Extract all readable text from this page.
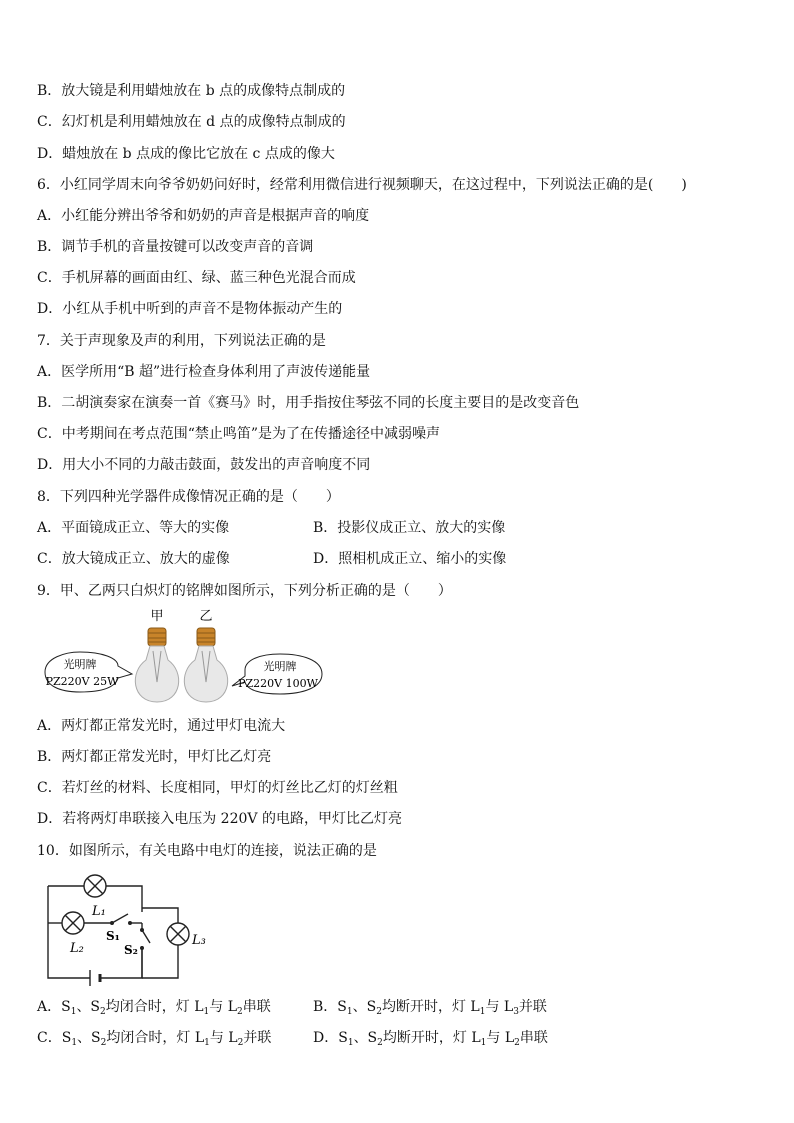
B．放大镜是利用蜡烛放在 b 点的成像特点制成的
C．幻灯机是利用蜡烛放在 d 点的成像特点制成的
D．蜡烛放在 b 点成的像比它放在 c 点成的像大
6．小红同学周末向爷爷奶奶问好时，经常利用微信进行视频聊天，在这过程中，下列说法正确的是(　　)
A．小红能分辨出爷爷和奶奶的声音是根据声音的响度
B．调节手机的音量按键可以改变声音的音调
C．手机屏幕的画面由红、绿、蓝三种色光混合而成
D．小红从手机中听到的声音不是物体振动产生的
7．关于声现象及声的利用，下列说法正确的是
A．医学所用“B 超”进行检查身体利用了声波传递能量
B．二胡演奏家在演奏一首《赛马》时，用手指按住琴弦不同的长度主要目的是改变音色
C．中考期间在考点范围“禁止鸣笛”是为了在传播途径中减弱噪声
D．用大小不同的力敲击鼓面，鼓发出的声音响度不同
8．下列四种光学器件成像情况正确的是（　　）
A．平面镜成正立、等大的实像	B．投影仪成正立、放大的实像
C．放大镜成正立、放大的虚像	D．照相机成正立、缩小的实像
9．甲、乙两只白炽灯的铭牌如图所示，下列分析正确的是（　　）
甲	乙
光明牌
PZ220V 25W
光明牌
PZ220V 100W
A．两灯都正常发光时，通过甲灯电流大
B．两灯都正常发光时，甲灯比乙灯亮
C．若灯丝的材料、长度相同，甲灯的灯丝比乙灯的灯丝粗
D．若将两灯串联接入电压为 220V 的电路，甲灯比乙灯亮
10．如图所示，有关电路中电灯的连接，说法正确的是
L₁
L₂
L₃
S₁
S₂
A．$S_1$、$S_2$均闭合时，灯 $L_1$与 $L_2$串联	B．$S_1$、$S_2$均断开时，灯 $L_1$与 $L_3$并联
C．$S_1$、$S_2$均闭合时，灯 $L_1$与 $L_2$并联	D．$S_1$、$S_2$均断开时，灯 $L_1$与 $L_2$串联
